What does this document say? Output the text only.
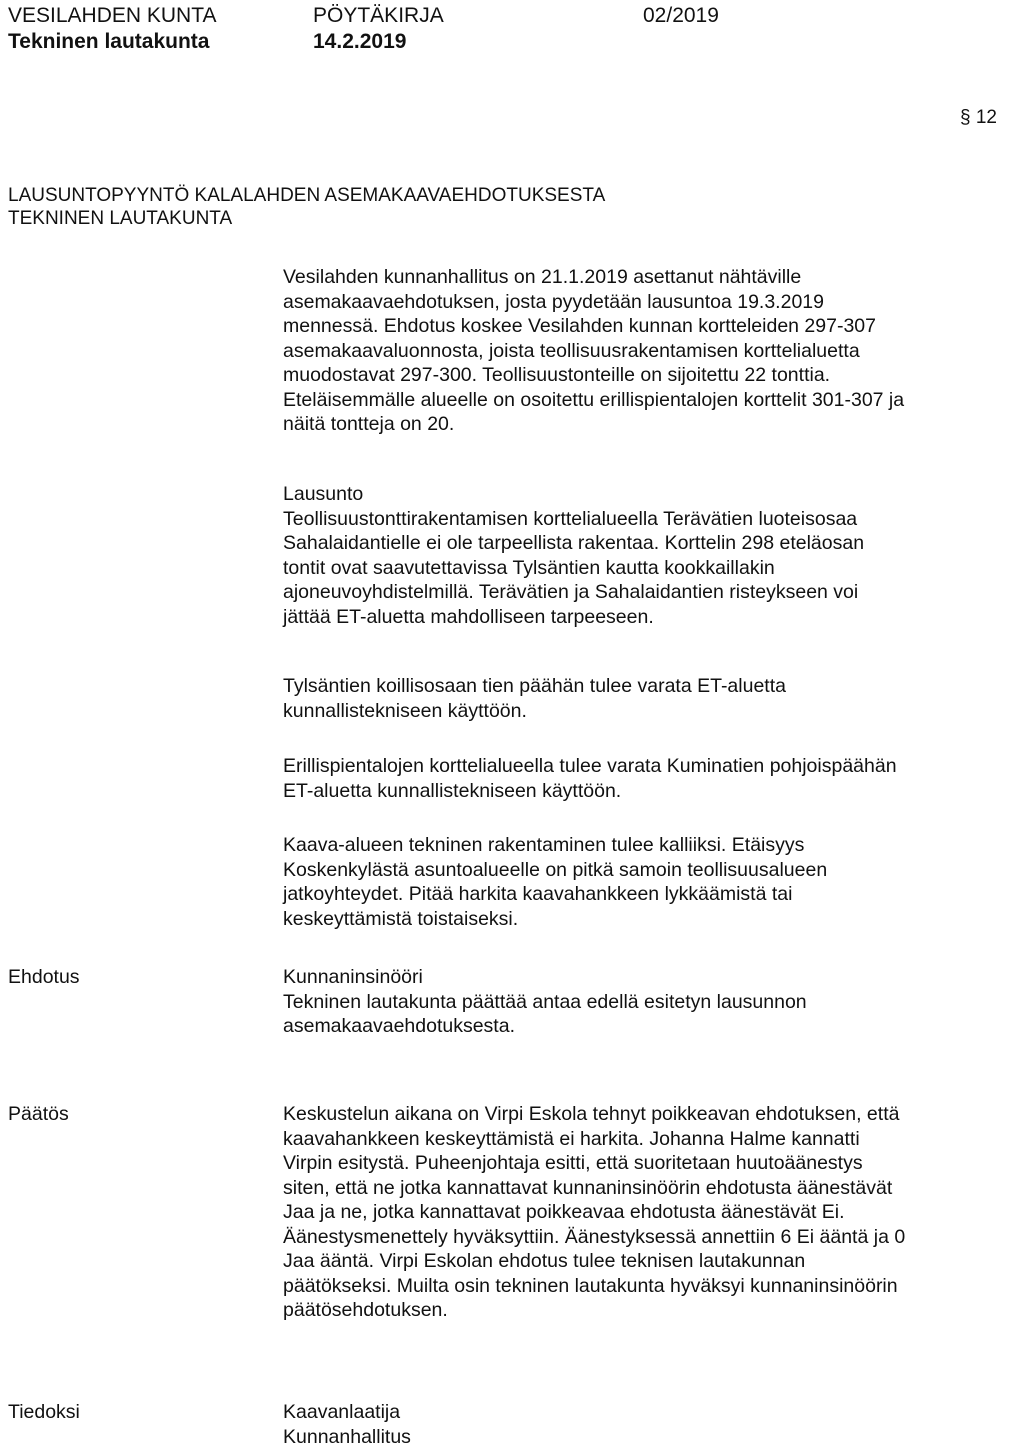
VESILAHDEN KUNTA
Tekninen lautakunta
PÖYTÄKIRJA
14.2.2019
02/2019
§ 12
LAUSUNTOPYYNTÖ KALALAHDEN ASEMAKAAVAEHDOTUKSESTA
TEKNINEN LAUTAKUNTA

Vesilahden kunnanhallitus on 21.1.2019 asettanut nähtäville

asemakaavaehdotuksen, josta pyydetään lausuntoa 19.3.2019

mennessä. Ehdotus koskee Vesilahden kunnan kortteleiden 297-307

asemakaavaluonnosta, joista teollisuusrakentamisen korttelialuetta

muodostavat 297-300. Teollisuustonteille on sijoitettu 22 tonttia.

Eteläisemmälle alueelle on osoitettu erillispientalojen korttelit 301-307 ja

näitä tontteja on 20.

Lausunto

Teollisuustonttirakentamisen korttelialueella Terävätien luoteisosaa

Sahalaidantielle ei ole tarpeellista rakentaa. Korttelin 298 eteläosan

tontit ovat saavutettavissa Tylsäntien kautta kookkaillakin

ajoneuvoyhdistelmillä. Terävätien ja Sahalaidantien risteykseen voi

jättää ET-aluetta mahdolliseen tarpeeseen.

Tylsäntien koillisosaan tien päähän tulee varata ET-aluetta

kunnallistekniseen käyttöön.

Erillispientalojen korttelialueella tulee varata Kuminatien pohjoispäähän

ET-aluetta kunnallistekniseen käyttöön.

Kaava-alueen tekninen rakentaminen tulee kalliiksi. Etäisyys

Koskenkylästä asuntoalueelle on pitkä samoin teollisuusalueen

jatkoyhteydet. Pitää harkita kaavahankkeen lykkäämistä tai

keskeyttämistä toistaiseksi.

Ehdotus	Kunnaninsinööri

Tekninen lautakunta päättää antaa edellä esitetyn lausunnon

asemakaavaehdotuksesta.

Päätös	Keskustelun aikana on Virpi Eskola tehnyt poikkeavan ehdotuksen, että

kaavahankkeen keskeyttämistä ei harkita. Johanna Halme kannatti

Virpin esitystä. Puheenjohtaja esitti, että suoritetaan huutoäänestys

siten, että ne jotka kannattavat kunnaninsinöörin ehdotusta äänestävät

Jaa ja ne, jotka kannattavat poikkeavaa ehdotusta äänestävät Ei.

Äänestysmenettely hyväksyttiin. Äänestyksessä annettiin 6 Ei ääntä ja 0

Jaa ääntä. Virpi Eskolan ehdotus tulee teknisen lautakunnan

päätökseksi. Muilta osin tekninen lautakunta hyväksyi kunnaninsinöörin

päätösehdotuksen.

Tiedoksi	Kaavanlaatija

Kunnanhallitus
